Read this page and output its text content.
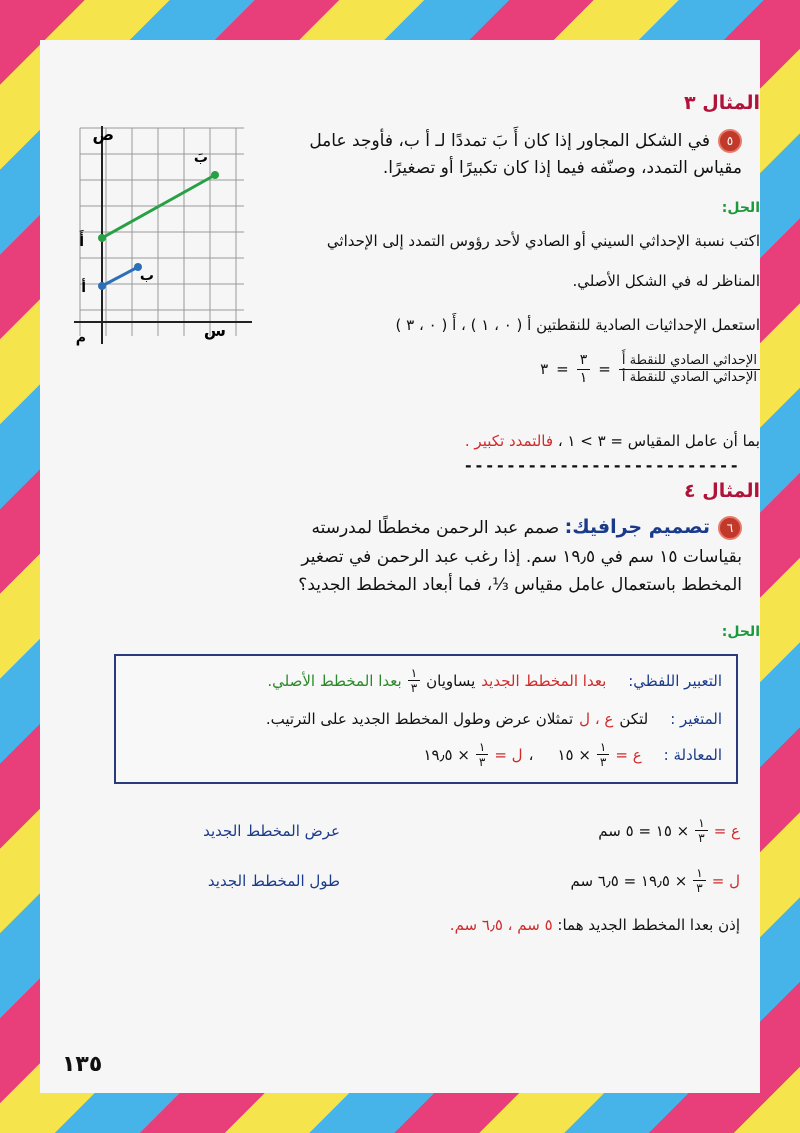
المثال ٣
ص
س
م
أ
ب
أَ
بَ
٥في الشكل المجاور إذا كان أَ بَ تمددًا لـ أ ب، فأوجد عامل
مقياس التمدد، وصنّفه فيما إذا كان تكبيرًا أو تصغيرًا.
الحل:
اكتب نسبة الإحداثي السيني أو الصادي لأحد رؤوس التمدد إلى الإحداثي
المناظر له في الشكل الأصلي.
استعمل الإحداثيات الصادية للنقطتين أ ( ٠ ، ١ ) ، أَ ( ٠ ، ٣ )
$\frac{\text{الإحداثي الصادي للنقطة أَ}}{\text{الإحداثي الصادي للنقطة أ}}$
=
$\frac{٣}{١}$
=
٣
بما أن عامل المقياس = ٣ > ١ ، فالتمدد تكبير .
--------------------------
المثال ٤
٦تصميم جرافيك: صمم عبد الرحمن مخططًا لمدرسته
بقياسات ١٥ سم في ١٩٫٥ سم. إذا رغب عبد الرحمن في تصغير
المخطط باستعمال عامل مقياس ⅓، فما أبعاد المخطط الجديد؟
الحل:
التعبير اللفظي:
بعدا المخطط الجديد
يساويان
$\frac{١}{٣}$
بعدا المخطط الأصلي.
المتغير :
لتكن
ع ، ل
تمثلان عرض وطول المخطط الجديد على الترتيب.
المعادلة :
ع =
$\frac{١}{٣}$
× ١٥
،
ل =
$\frac{١}{٣}$
× ١٩٫٥
ع =
$\frac{١}{٣}$
× ١٥ = ٥ سم
عرض المخطط الجديد
ل =
$\frac{١}{٣}$
× ١٩٫٥ = ٦٫٥ سم
طول المخطط الجديد
إذن بعدا المخطط الجديد هما: ٥ سم ، ٦٫٥ سم.
١٣٥
